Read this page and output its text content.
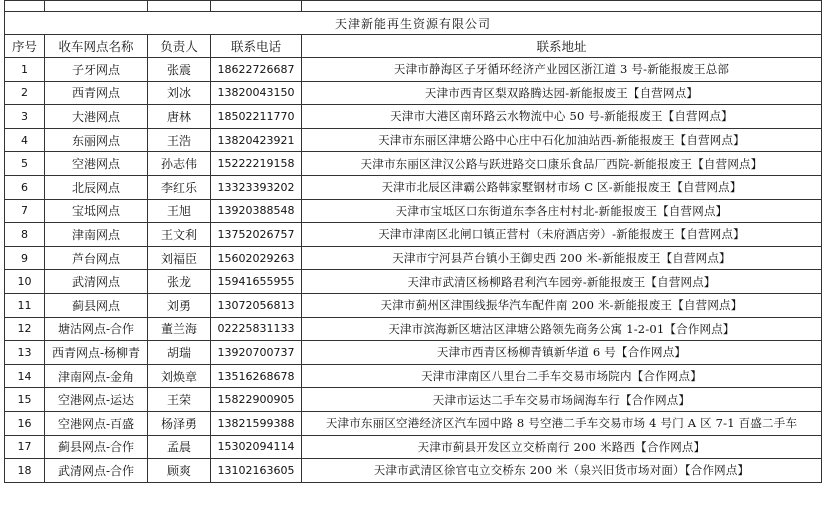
天津新能再生资源有限公司				
序号	收车网点名称	负责人	联系电话	联系地址
1	子牙网点	张震	18622726687	天津市静海区子牙循环经济产业园区浙江道 3 号-新能报废王总部
2	西青网点	刘冰	13820043150	天津市西青区梨双路腾达园-新能报废王【自营网点】
3	大港网点	唐林	18502211770	天津市大港区南环路云水物流中心 50 号-新能报废王【自营网点】
4	东丽网点	王浩	13820423921	天津市东丽区津塘公路中心庄中石化加油站西-新能报废王【自营网点】
5	空港网点	孙志伟	15222219158	天津市东丽区津汉公路与跃进路交口康乐食品厂西院-新能报废王【自营网点】
6	北辰网点	李红乐	13323393202	天津市北辰区津霸公路韩家墅钢材市场 C 区-新能报废王【自营网点】
7	宝坻网点	王旭	13920388548	天津市宝坻区口东街道东李各庄村村北-新能报废王【自营网点】
8	津南网点	王文利	13752026757	天津市津南区北闸口镇正营村（未府酒店旁）-新能报废王【自营网点】
9	芦台网点	刘福臣	15602029263	天津市宁河县芦台镇小王御史西 200 米-新能报废王【自营网点】
10	武清网点	张龙	15941655955	天津市武清区杨柳路君利汽车园旁-新能报废王【自营网点】
11	蓟县网点	刘勇	13072056813	天津市蓟州区津围线振华汽车配件南 200 米-新能报废王【自营网点】
12	塘沽网点-合作	董兰海	02225831133	天津市滨海新区塘沽区津塘公路领先商务公寓 1-2-01【合作网点】
13	西青网点-杨柳青	胡瑞	13920700737	天津市西青区杨柳青镇新华道 6 号【合作网点】
14	津南网点-金角	刘焕章	13516268678	天津市津南区八里台二手车交易市场院内【合作网点】
15	空港网点-运达	王荣	15822900905	天津市运达二手车交易市场阔海车行【合作网点】
16	空港网点-百盛	杨泽勇	13821599388	天津市东丽区空港经济区汽车园中路 8 号空港二手车交易市场 4 号门 A 区 7-1 百盛二手车
17	蓟县网点-合作	孟晨	15302094114	天津市蓟县开发区立交桥南行 200 米路西【合作网点】
18	武清网点-合作	顾爽	13102163605	天津市武清区徐官屯立交桥东 200 米（泉兴旧货市场对面）【合作网点】
